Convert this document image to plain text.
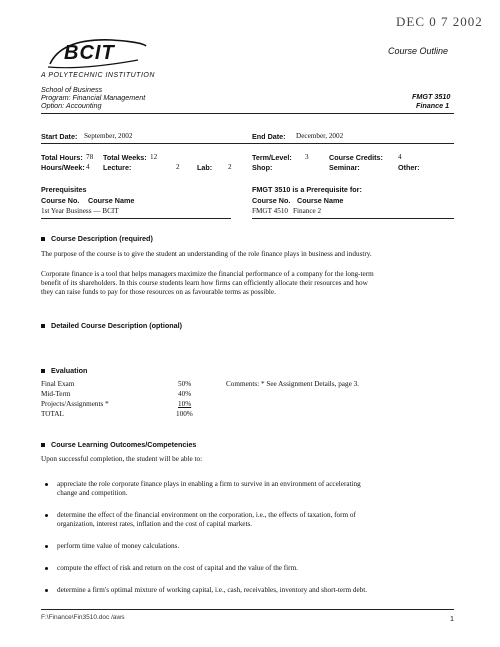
DEC 0 7 2002
BCIT
A POLYTECHNIC INSTITUTION
Course Outline
School of Business
Program: Financial Management
Option: Accounting
FMGT 3510
Finance 1
Start Date: September, 2002	End Date: December, 2002
Total Hours: 78 Total Weeks: 12
Hours/Week: 4 Lecture:	2 Lab: 2
Term/Level: 3	Course Credits: 4
Shop:	Seminar:	Other:
Prerequisites
Course No. Course Name
1st Year Business — BCIT
FMGT 3510 is a Prerequisite for:
Course No. Course Name
FMGT 4510 Finance 2
Course Description (required)
The purpose of the course is to give the student an understanding of the role finance plays in business and industry.
Corporate finance is a tool that helps managers maximize the financial performance of a company for the long-term
benefit of its shareholders. In this course students learn how firms can efficiently allocate their resources and how
they can raise funds to pay for those resources on as favourable terms as possible.
Detailed Course Description (optional)
Evaluation
Final Exam	50%
Mid-Term	40%
Projects/Assignments *	10%
TOTAL	100%
Comments: * See Assignment Details, page 3.
Course Learning Outcomes/Competencies
Upon successful completion, the student will be able to:
appreciate the role corporate finance plays in enabling a firm to survive in an environment of accelerating
change and competition.
determine the effect of the financial environment on the corporation, i.e., the effects of taxation, form of
organization, interest rates, inflation and the cost of capital markets.
perform time value of money calculations.
compute the effect of risk and return on the cost of capital and the value of the firm.
determine a firm's optimal mixture of working capital, i.e., cash, receivables, inventory and short-term debt.
F:\Finance\Fin3510.doc /aws	1
